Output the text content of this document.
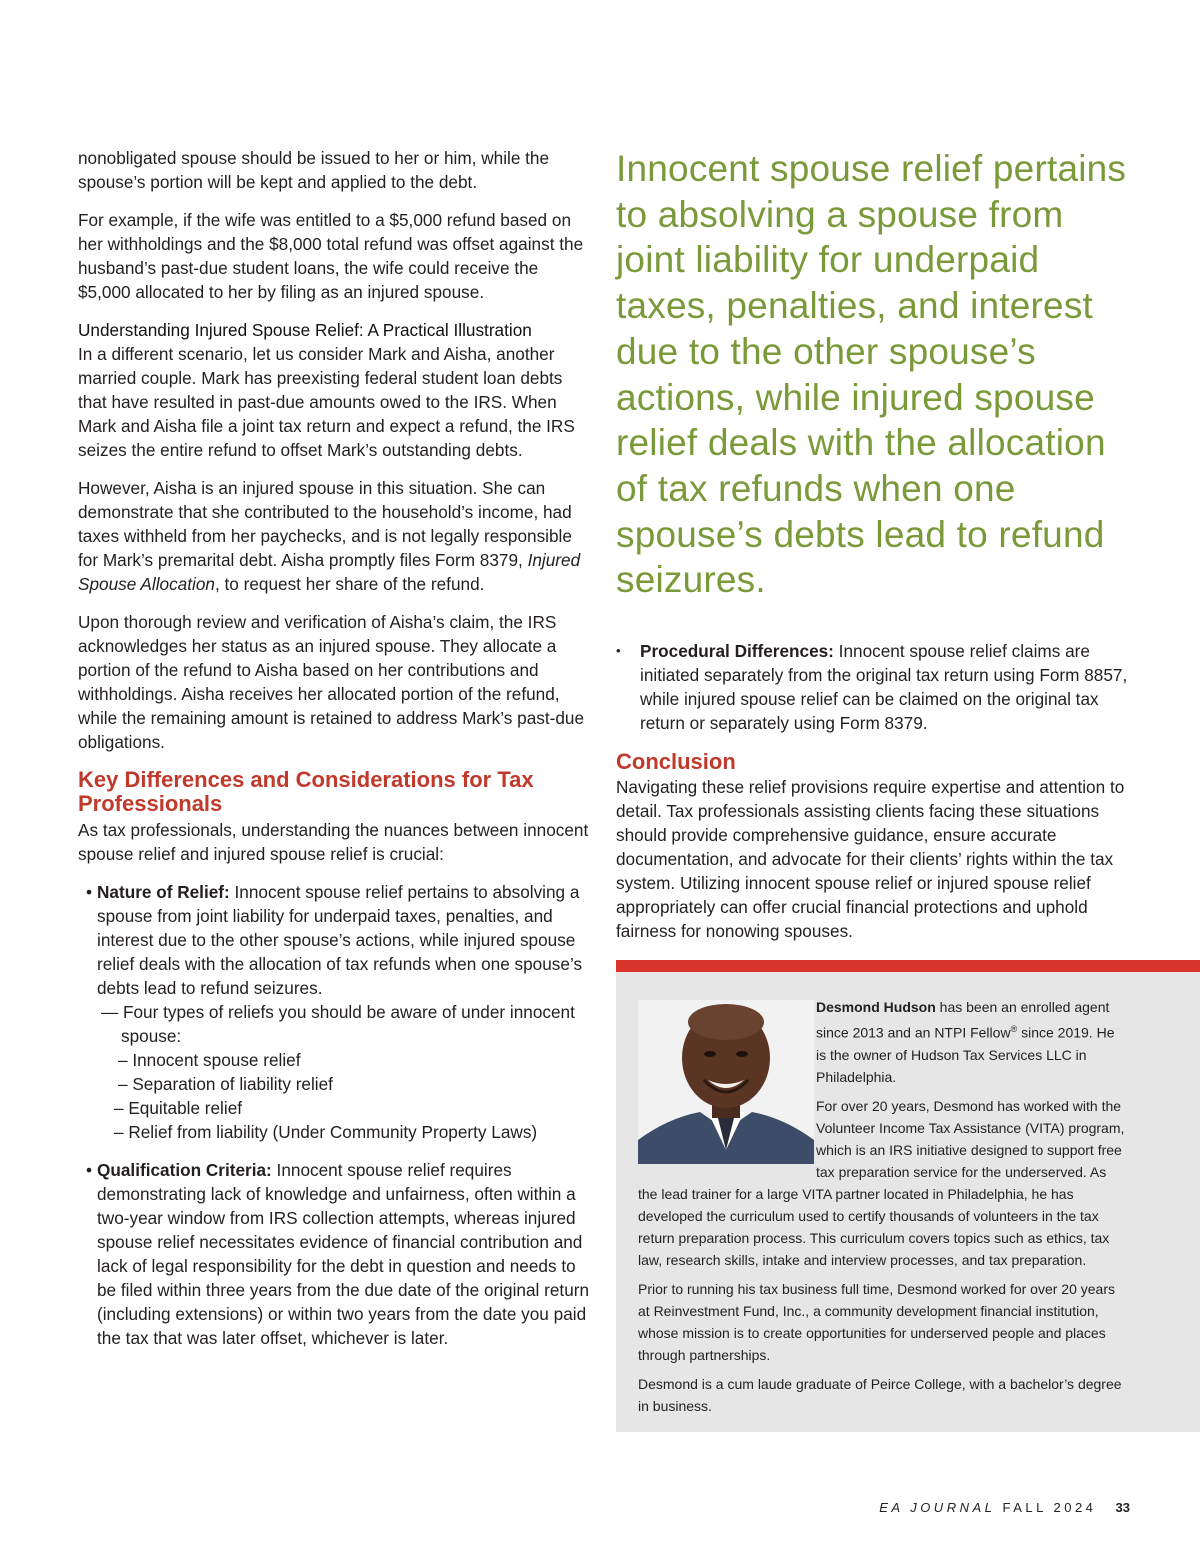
nonobligated spouse should be issued to her or him, while the spouse’s portion will be kept and applied to the debt.

For example, if the wife was entitled to a $5,000 refund based on her withholdings and the $8,000 total refund was offset against the husband’s past-due student loans, the wife could receive the $5,000 allocated to her by filing as an injured spouse.

Understanding Injured Spouse Relief: A Practical Illustration
In a different scenario, let us consider Mark and Aisha, another married couple. Mark has preexisting federal student loan debts that have resulted in past-due amounts owed to the IRS. When Mark and Aisha file a joint tax return and expect a refund, the IRS seizes the entire refund to offset Mark’s outstanding debts.

However, Aisha is an injured spouse in this situation. She can demonstrate that she contributed to the household’s income, had taxes withheld from her paychecks, and is not legally responsible for Mark’s premarital debt. Aisha promptly files Form 8379, Injured Spouse Allocation, to request her share of the refund.

Upon thorough review and verification of Aisha’s claim, the IRS acknowledges her status as an injured spouse. They allocate a portion of the refund to Aisha based on her contributions and withholdings. Aisha receives her allocated portion of the refund, while the remaining amount is retained to address Mark’s past-due obligations.

Key Differences and Considerations for Tax Professionals

As tax professionals, understanding the nuances between innocent spouse relief and injured spouse relief is crucial:

• Nature of Relief: Innocent spouse relief pertains to absolving a spouse from joint liability for underpaid taxes, penalties, and interest due to the other spouse’s actions, while injured spouse relief deals with the allocation of tax refunds when one spouse’s debts lead to refund seizures.
— Four types of reliefs you should be aware of under innocent spouse:
– Innocent spouse relief
– Separation of liability relief
– Equitable relief
– Relief from liability (Under Community Property Laws)
• Qualification Criteria: Innocent spouse relief requires demonstrating lack of knowledge and unfairness, often within a two-year window from IRS collection attempts, whereas injured spouse relief necessitates evidence of financial contribution and lack of legal responsibility for the debt in question and needs to be filed within three years from the due date of the original return (including extensions) or within two years from the date you paid the tax that was later offset, whichever is later.
Innocent spouse relief pertains to absolving a spouse from joint liability for underpaid taxes, penalties, and interest due to the other spouse’s actions, while injured spouse relief deals with the allocation of tax refunds when one spouse’s debts lead to refund seizures.
• Procedural Differences: Innocent spouse relief claims are initiated separately from the original tax return using Form 8857, while injured spouse relief can be claimed on the original tax return or separately using Form 8379.
Conclusion
Navigating these relief provisions require expertise and attention to detail. Tax professionals assisting clients facing these situations should provide comprehensive guidance, ensure accurate documentation, and advocate for their clients’ rights within the tax system. Utilizing innocent spouse relief or injured spouse relief appropriately can offer crucial financial protections and uphold fairness for nonowing spouses.

Desmond Hudson has been an enrolled agent since 2013 and an NTPI Fellow® since 2019. He is the owner of Hudson Tax Services LLC in Philadelphia.

For over 20 years, Desmond has worked with the Volunteer Income Tax Assistance (VITA) program, which is an IRS initiative designed to support free tax preparation service for the underserved. As the lead trainer for a large VITA partner located in Philadelphia, he has developed the curriculum used to certify thousands of volunteers in the tax return preparation process. This curriculum covers topics such as ethics, tax law, research skills, intake and interview processes, and tax preparation.

Prior to running his tax business full time, Desmond worked for over 20 years at Reinvestment Fund, Inc., a community development financial institution, whose mission is to create opportunities for underserved people and places through partnerships.

Desmond is a cum laude graduate of Peirce College, with a bachelor’s degree in business.

EA JOURNAL FALL 2024 33
